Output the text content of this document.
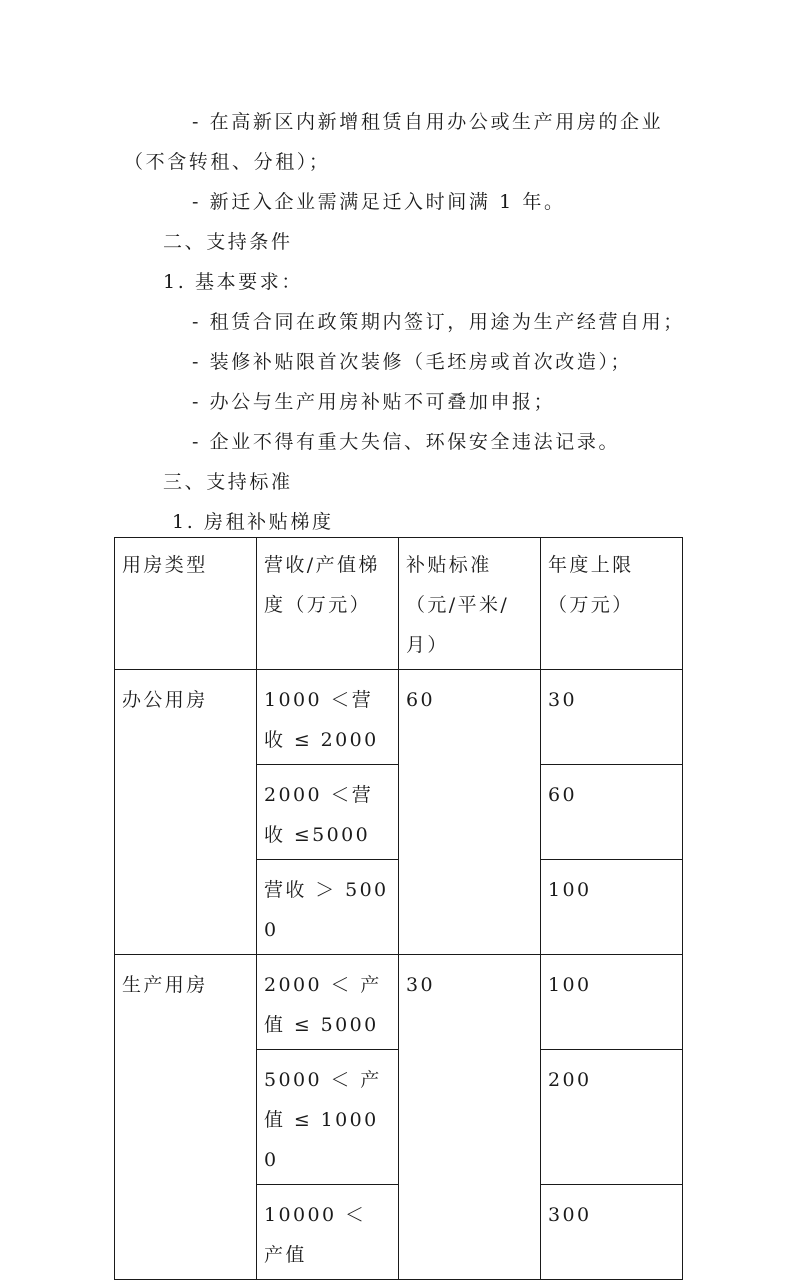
- 在高新区内新增租赁自用办公或生产用房的企业
（不含转租、分租）；
- 新迁入企业需满足迁入时间满 1 年。
二、支持条件
1. 基本要求：
- 租赁合同在政策期内签订，用途为生产经营自用；
- 装修补贴限首次装修（毛坯房或首次改造）；
- 办公与生产用房补贴不可叠加申报；
- 企业不得有重大失信、环保安全违法记录。
三、支持标准
1. 房租补贴梯度
用房类型	营收/产值梯度（万元）	补贴标准（元/平米/月）	年度上限（万元）

办公用房	1000 ＜营收 ≤ 2000	60	30

	2000 ＜营收 ≤5000		60

	营收 ＞ 5000		100

生产用房	2000 ＜ 产值 ≤ 5000	30	100

	5000 ＜ 产值 ≤ 10000		200

	10000 ＜ 产值		300
